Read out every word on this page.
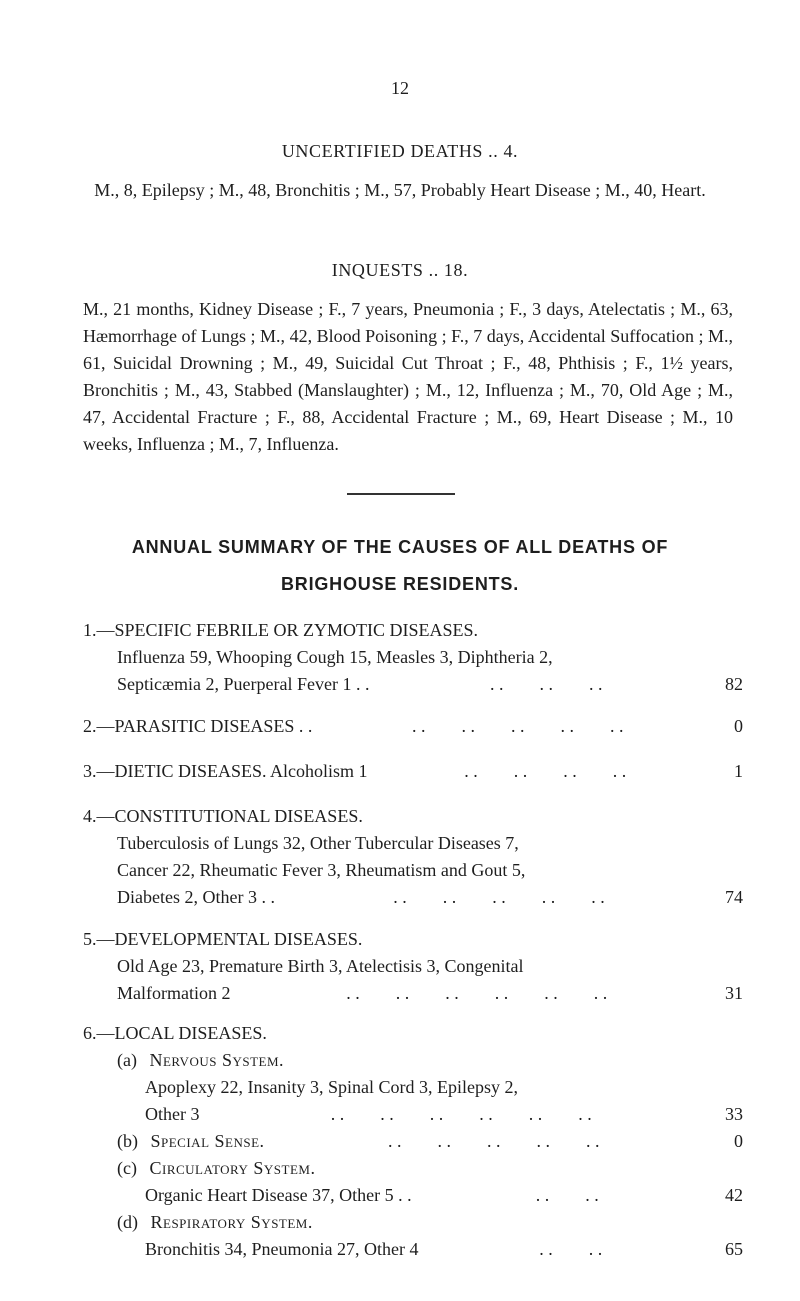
12
UNCERTIFIED DEATHS .. 4.
M., 8, Epilepsy ; M., 48, Bronchitis ; M., 57, Probably Heart Disease ; M., 40, Heart.
INQUESTS .. 18.
M., 21 months, Kidney Disease ; F., 7 years, Pneumonia ; F., 3 days, Atelectatis ; M., 63, Hæmorrhage of Lungs ; M., 42, Blood Poisoning ; F., 7 days, Accidental Suffocation ; M., 61, Suicidal Drowning ; M., 49, Suicidal Cut Throat ; F., 48, Phthisis ; F., 1½ years, Bronchitis ; M., 43, Stabbed (Manslaughter) ; M., 12, Influenza ; M., 70, Old Age ; M., 47, Accidental Fracture ; F., 88, Accidental Fracture ; M., 69, Heart Disease ; M., 10 weeks, Influenza ; M., 7, Influenza.
ANNUAL SUMMARY OF THE CAUSES OF ALL DEATHS OF
BRIGHOUSE RESIDENTS.
1.—SPECIFIC FEBRILE OR ZYMOTIC DISEASES.
Influenza 59, Whooping Cough 15, Measles 3, Diphtheria 2,
Septicæmia 2, Puerperal Fever 1 . .	. .        . .        . .	82
2.—PARASITIC DISEASES . .	. .        . .        . .        . .        . .	0
3.—DIETIC DISEASES. Alcoholism 1	. .        . .        . .        . .	1
4.—CONSTITUTIONAL DISEASES.
Tuberculosis of Lungs 32, Other Tubercular Diseases 7,
Cancer 22, Rheumatic Fever 3, Rheumatism and Gout 5,
Diabetes 2, Other 3 . .	. .        . .        . .        . .        . .	74
5.—DEVELOPMENTAL DISEASES.
Old Age 23, Premature Birth 3, Atelectisis 3, Congenital
Malformation 2	. .        . .        . .        . .        . .        . .	31
6.—LOCAL DISEASES.
(a) Nervous System.
Apoplexy 22, Insanity 3, Spinal Cord 3, Epilepsy 2,
Other 3	. .        . .        . .        . .        . .        . .	33
(b) Special Sense.	. .        . .        . .        . .        . .	0
(c) Circulatory System.
Organic Heart Disease 37, Other 5 . .	. .        . .	42
(d) Respiratory System.
Bronchitis 34, Pneumonia 27, Other 4	. .        . .	65
